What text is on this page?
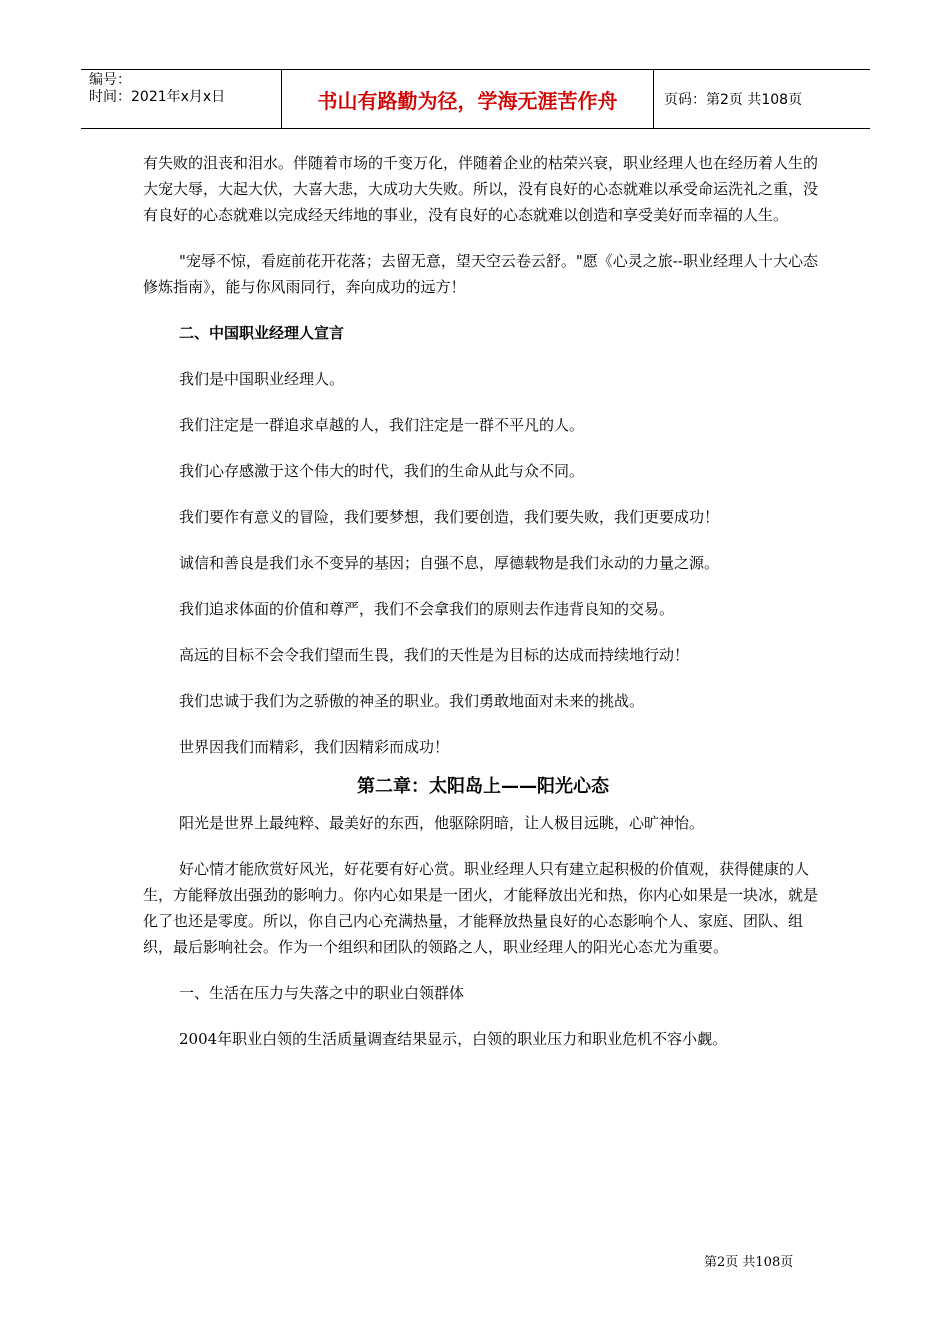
编号：
时间：2021年x月x日	书山有路勤为径，学海无涯苦作舟	页码：第2页 共108页

有失败的沮丧和泪水。伴随着市场的千变万化，伴随着企业的枯荣兴衰，职业经理人也在经历着人生的大宠大辱，大起大伏，大喜大悲，大成功大失败。所以，没有良好的心态就难以承受命运洗礼之重，没有良好的心态就难以完成经天纬地的事业，没有良好的心态就难以创造和享受美好而幸福的人生。

"宠辱不惊，看庭前花开花落；去留无意，望天空云卷云舒。"愿《心灵之旅--职业经理人十大心态修炼指南》，能与你风雨同行，奔向成功的远方！

二、中国职业经理人宣言

我们是中国职业经理人。

我们注定是一群追求卓越的人，我们注定是一群不平凡的人。

我们心存感激于这个伟大的时代，我们的生命从此与众不同。

我们要作有意义的冒险，我们要梦想，我们要创造，我们要失败，我们更要成功！

诚信和善良是我们永不变异的基因；自强不息，厚德载物是我们永动的力量之源。

我们追求体面的价值和尊严，我们不会拿我们的原则去作违背良知的交易。

高远的目标不会令我们望而生畏，我们的天性是为目标的达成而持续地行动！

我们忠诚于我们为之骄傲的神圣的职业。我们勇敢地面对未来的挑战。

世界因我们而精彩，我们因精彩而成功！

第二章：太阳岛上——阳光心态

阳光是世界上最纯粹、最美好的东西，他驱除阴暗，让人极目远眺，心旷神怡。

好心情才能欣赏好风光，好花要有好心赏。职业经理人只有建立起积极的价值观，获得健康的人生，方能释放出强劲的影响力。你内心如果是一团火，才能释放出光和热，你内心如果是一块冰，就是化了也还是零度。所以，你自己内心充满热量，才能释放热量良好的心态影响个人、家庭、团队、组织，最后影响社会。作为一个组织和团队的领路之人，职业经理人的阳光心态尤为重要。

一、生活在压力与失落之中的职业白领群体

2004年职业白领的生活质量调查结果显示，白领的职业压力和职业危机不容小觑。

第2页 共108页
